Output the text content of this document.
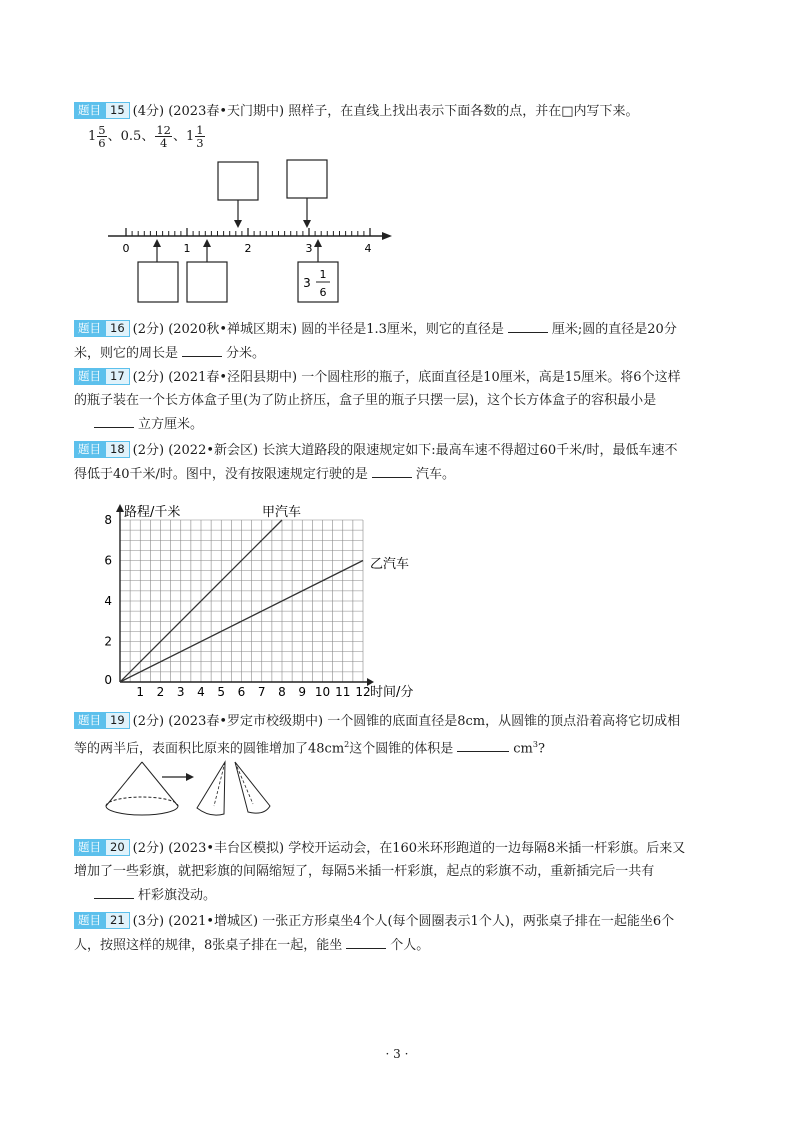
题目 15 (4分) (2023春•天门期中) 照样子，在直线上找出表示下面各数的点，并在□内写下来。
$1 \frac{5}{6}$ 、0.5、 $\frac{12}{4}$ 、$1 \frac{1}{3}$
0	1	2	3	4
3
1
6
题目 16 (2分) (2020秋•禅城区期末) 圆的半径是1.3厘米，则它的直径是	厘米;圆的直径是20分
米，则它的周长是	分米。
题目 17 (2分) (2021春•泾阳县期中) 一个圆柱形的瓶子，底面直径是10厘米，高是15厘米。将6个这样
的瓶子装在一个长方体盒子里(为了防止挤压，盒子里的瓶子只摆一层)，这个长方体盒子的容积最小是
立方厘米。
题目 18 (2分) (2022•新会区) 长滨大道路段的限速规定如下:最高车速不得超过60千米/时，最低车速不
得低于40千米/时。图中，没有按限速规定行驶的是	汽车。
1 2 3 4 5 6 7 8 9 10 11 12
0
2
4
6
8 路程/千米
时间/分
甲汽车
乙汽车
题目 19 (2分) (2023春•罗定市校级期中) 一个圆锥的底面直径是8cm，从圆锥的顶点沿着高将它切成相
等的两半后，表面积比原来的圆锥增加了$48cm^2$这个圆锥的体积是	$cm^3$?
题目 20 (2分) (2023•丰台区模拟) 学校开运动会，在160米环形跑道的一边每隔8米插一杆彩旗。后来又
增加了一些彩旗，就把彩旗的间隔缩短了，每隔5米插一杆彩旗，起点的彩旗不动，重新插完后一共有
杆彩旗没动。
题目 21 (3分) (2021•增城区) 一张正方形桌坐4个人(每个圆圈表示1个人)，两张桌子排在一起能坐6个
人，按照这样的规律，8张桌子排在一起，能坐	个人。
· 3 ·
